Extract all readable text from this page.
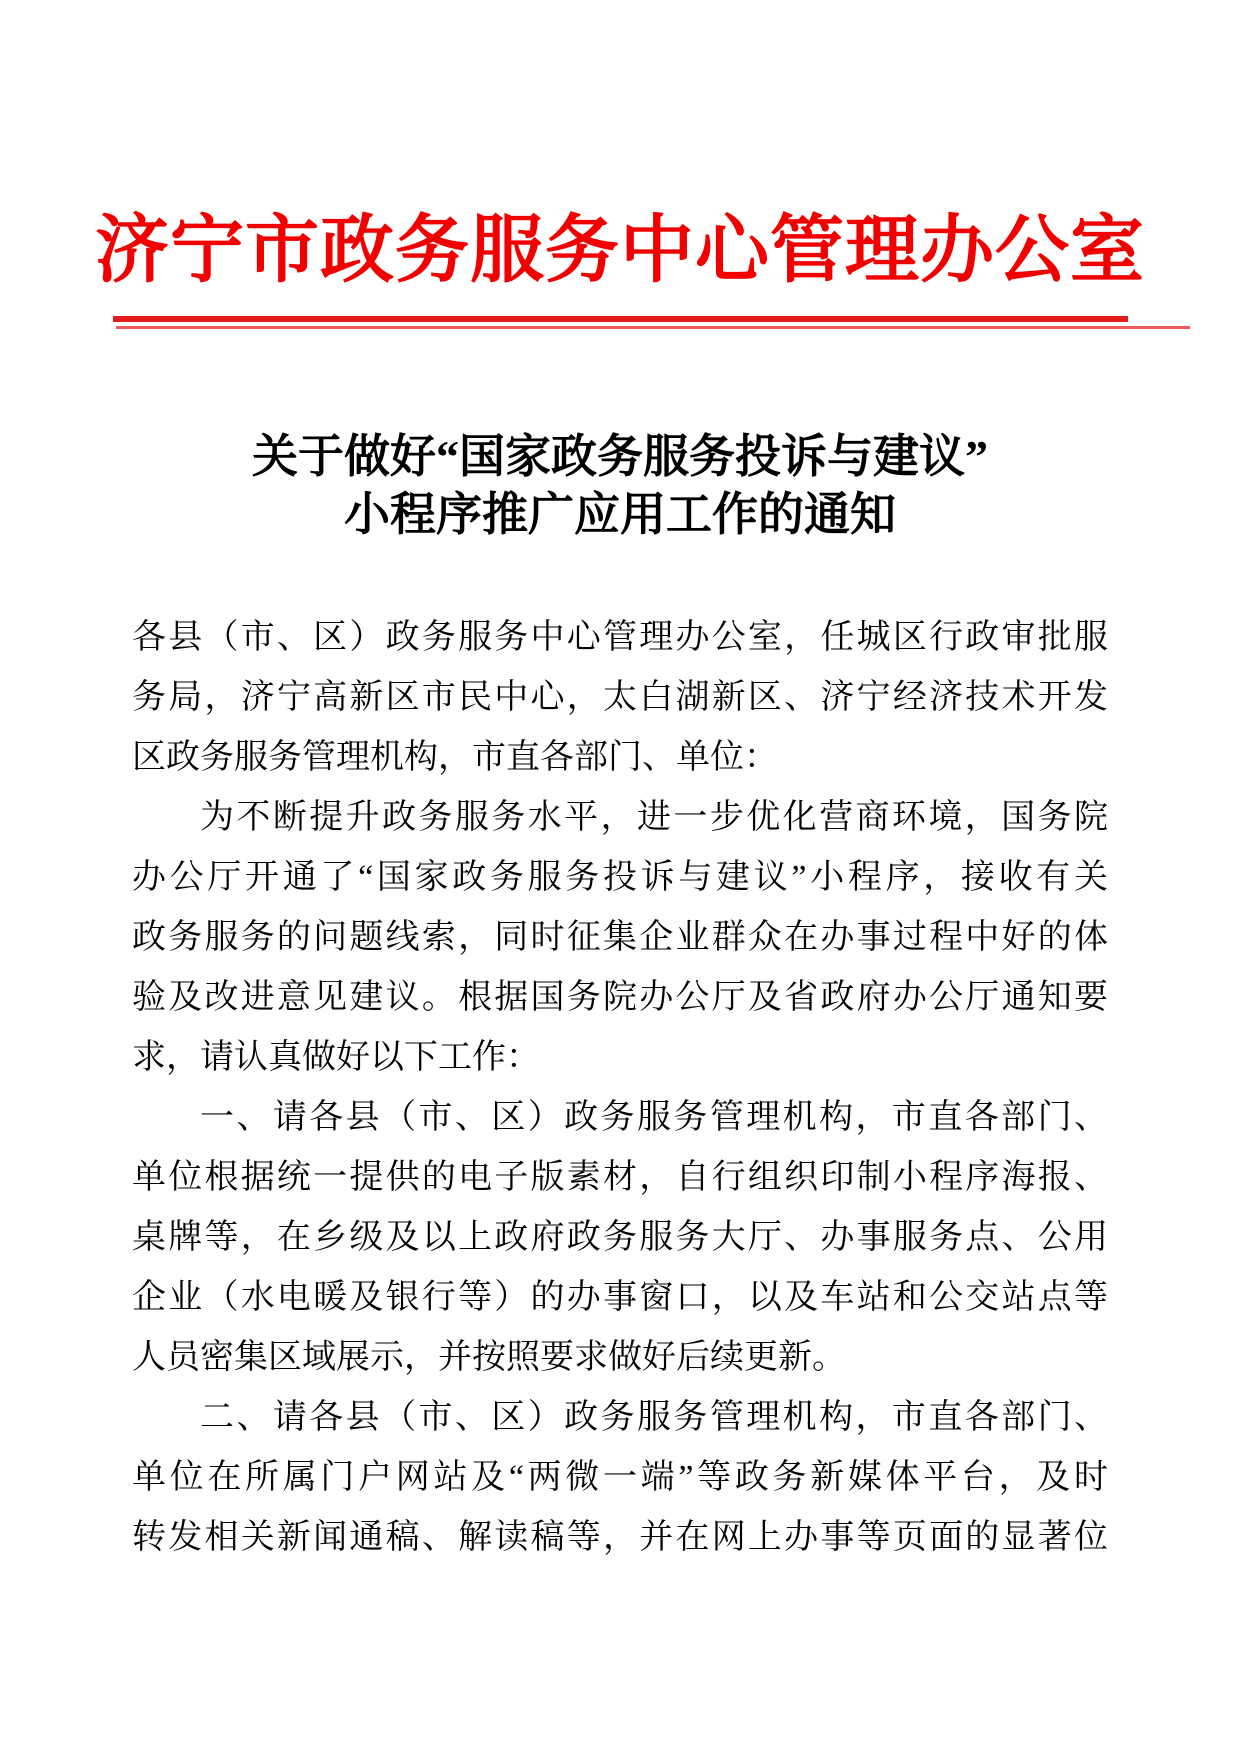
济宁市政务服务中心管理办公室
关于做好“国家政务服务投诉与建议”
小程序推广应用工作的通知
各县（市、区）政务服务中心管理办公室，任城区行政审批服
务局，济宁高新区市民中心，太白湖新区、济宁经济技术开发
区政务服务管理机构，市直各部门、单位：
为不断提升政务服务水平，进一步优化营商环境，国务院
办公厅开通了“国家政务服务投诉与建议”小程序，接收有关
政务服务的问题线索，同时征集企业群众在办事过程中好的体
验及改进意见建议。根据国务院办公厅及省政府办公厅通知要
求，请认真做好以下工作：
一、请各县（市、区）政务服务管理机构，市直各部门、
单位根据统一提供的电子版素材，自行组织印制小程序海报、
桌牌等，在乡级及以上政府政务服务大厅、办事服务点、公用
企业（水电暖及银行等）的办事窗口，以及车站和公交站点等
人员密集区域展示，并按照要求做好后续更新。
二、请各县（市、区）政务服务管理机构，市直各部门、
单位在所属门户网站及“两微一端”等政务新媒体平台，及时
转发相关新闻通稿、解读稿等，并在网上办事等页面的显著位
